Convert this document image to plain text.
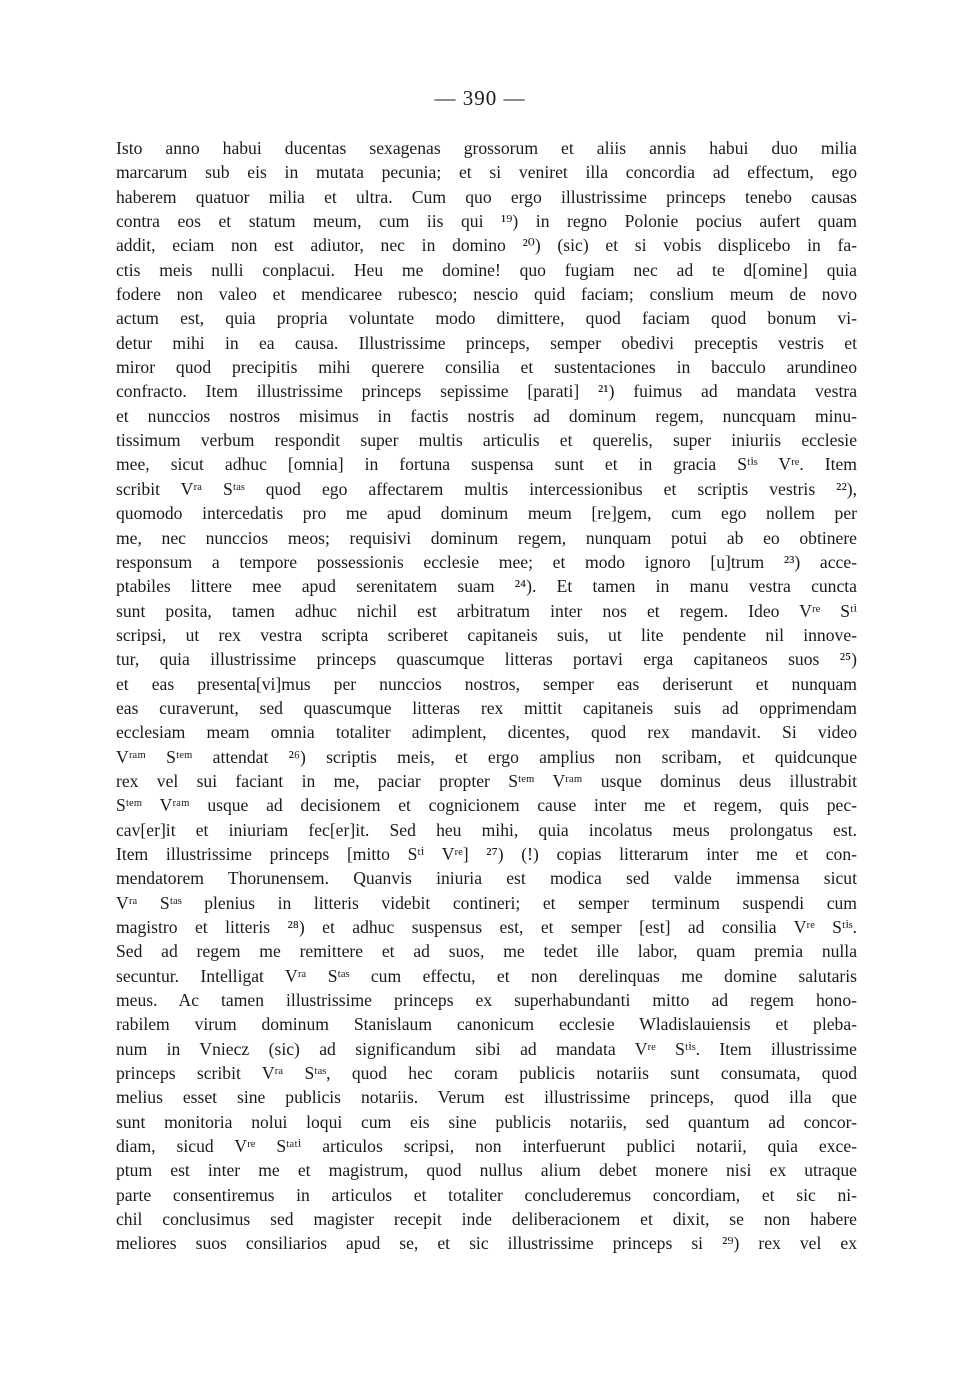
— 390 —
Isto anno habui ducentas sexagenas grossorum et aliis annis habui duo milia
marcarum sub eis in mutata pecunia; et si veniret illa concordia ad effectum, ego
haberem quatuor milia et ultra. Cum quo ergo illustrissime princeps tenebo causas
contra eos et statum meum, cum iis qui ¹⁹) in regno Polonie pocius aufert quam
addit, eciam non est adiutor, nec in domino ²⁰) (sic) et si vobis displicebo in fa-
ctis meis nulli conplacui. Heu me domine! quo fugiam nec ad te d[omine] quia
fodere non valeo et mendicaree rubesco; nescio quid faciam; conslium meum de novo
actum est, quia propria voluntate modo dimittere, quod faciam quod bonum vi-
detur mihi in ea causa. Illustrissime princeps, semper obedivi preceptis vestris et
miror quod precipitis mihi querere consilia et sustentaciones in bacculo arundineo
confracto. Item illustrissime princeps sepissime [parati] ²¹) fuimus ad mandata vestra
et nunccios nostros misimus in factis nostris ad dominum regem, nuncquam minu-
tissimum verbum respondit super multis articulis et querelis, super iniuriis ecclesie
mee, sicut adhuc [omnia] in fortuna suspensa sunt et in gracia Sᵗⁱˢ Vʳᵉ. Item
scribit Vʳᵃ Sᵗᵃˢ quod ego affectarem multis intercessionibus et scriptis vestris ²²),
quomodo intercedatis pro me apud dominum meum [re]gem, cum ego nollem per
me, nec nunccios meos; requisivi dominum regem, nunquam potui ab eo obtinere
responsum a tempore possessionis ecclesie mee; et modo ignoro [u]trum ²³) acce-
ptabiles littere mee apud serenitatem suam ²⁴). Et tamen in manu vestra cuncta
sunt posita, tamen adhuc nichil est arbitratum inter nos et regem. Ideo Vʳᵉ Sᵗⁱ
scripsi, ut rex vestra scripta scriberet capitaneis suis, ut lite pendente nil innove-
tur, quia illustrissime princeps quascumque litteras portavi erga capitaneos suos ²⁵)
et eas presenta[vi]mus per nunccios nostros, semper eas deriserunt et nunquam
eas curaverunt, sed quascumque litteras rex mittit capitaneis suis ad opprimendam
ecclesiam meam omnia totaliter adimplent, dicentes, quod rex mandavit. Si video
Vʳᵃᵐ Sᵗᵉᵐ attendat ²⁶) scriptis meis, et ergo amplius non scribam, et quidcunque
rex vel sui faciant in me, paciar propter Sᵗᵉᵐ Vʳᵃᵐ usque dominus deus illustrabit
Sᵗᵉᵐ Vʳᵃᵐ usque ad decisionem et cognicionem cause inter me et regem, quis pec-
cav[er]it et iniuriam fec[er]it. Sed heu mihi, quia incolatus meus prolongatus est.
Item illustrissime princeps [mitto Sᵗⁱ Vʳᵉ] ²⁷) (!) copias litterarum inter me et con-
mendatorem Thorunensem. Quanvis iniuria est modica sed valde immensa sicut
Vʳᵃ Sᵗᵃˢ plenius in litteris videbit contineri; et semper terminum suspendi cum
magistro et litteris ²⁸) et adhuc suspensus est, et semper [est] ad consilia Vʳᵉ Sᵗⁱˢ.
Sed ad regem me remittere et ad suos, me tedet ille labor, quam premia nulla
secuntur. Intelligat Vʳᵃ Sᵗᵃˢ cum effectu, et non derelinquas me domine salutaris
meus. Ac tamen illustrissime princeps ex superhabundanti mitto ad regem hono-
rabilem virum dominum Stanislaum canonicum ecclesie Wladislauiensis et pleba-
num in Vniecz (sic) ad significandum sibi ad mandata Vʳᵉ Sᵗⁱˢ. Item illustrissime
princeps scribit Vʳᵃ Sᵗᵃˢ, quod hec coram publicis notariis sunt consumata, quod
melius esset sine publicis notariis. Verum est illustrissime princeps, quod illa que
sunt monitoria nolui loqui cum eis sine publicis notariis, sed quantum ad concor-
diam, sicud Vʳᵉ Sᵗᵃᵗⁱ articulos scripsi, non interfuerunt publici notarii, quia exce-
ptum est inter me et magistrum, quod nullus alium debet monere nisi ex utraque
parte consentiremus in articulos et totaliter concluderemus concordiam, et sic ni-
chil conclusimus sed magister recepit inde deliberacionem et dixit, se non habere
meliores suos consiliarios apud se, et sic illustrissime princeps si ²⁹) rex vel ex
